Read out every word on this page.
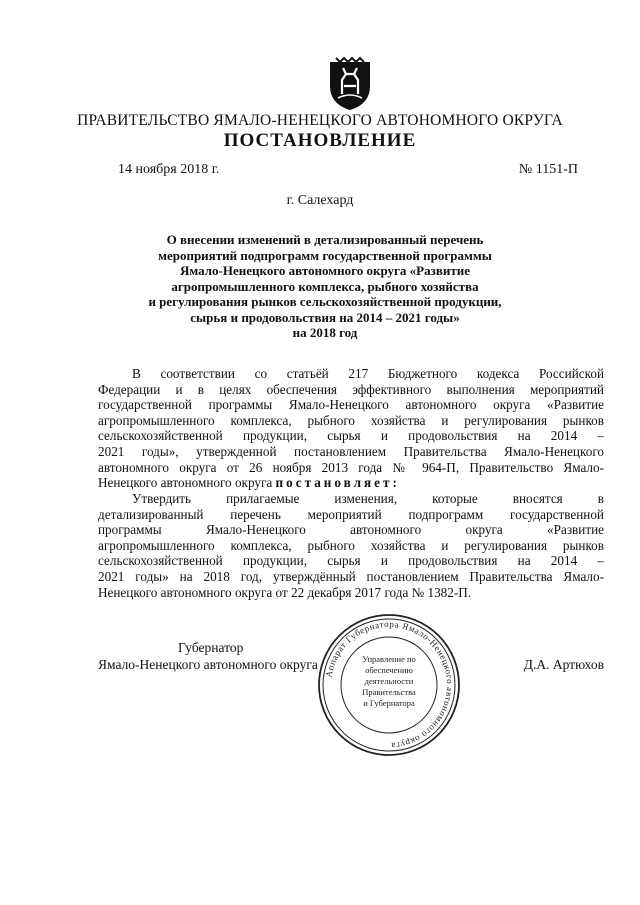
ПРАВИТЕЛЬСТВО ЯМАЛО-НЕНЕЦКОГО АВТОНОМНОГО ОКРУГА
ПОСТАНОВЛЕНИЕ
14 ноября 2018 г.	№ 1151-П
г. Салехард
О внесении изменений в детализированный перечень
мероприятий подпрограмм государственной программы
Ямало-Ненецкого автономного округа «Развитие
агропромышленного комплекса, рыбного хозяйства
и регулирования рынков сельскохозяйственной продукции,
сырья и продовольствия на 2014 – 2021 годы»
на 2018 год
В соответствии со статьёй 217 Бюджетного кодекса Российской
Федерации и в целях обеспечения эффективного выполнения мероприятий
государственной программы Ямало-Ненецкого автономного округа «Развитие
агропромышленного комплекса, рыбного хозяйства и регулирования рынков
сельскохозяйственной продукции, сырья и продовольствия на 2014 –
2021 годы», утвержденной постановлением Правительства Ямало-Ненецкого
автономного округа от 26 ноября 2013 года № 964-П, Правительство Ямало-
Ненецкого автономного округа постановляет:
Утвердить прилагаемые изменения, которые вносятся в
детализированный перечень мероприятий подпрограмм государственной
программы Ямало-Ненецкого автономного округа «Развитие
агропромышленного комплекса, рыбного хозяйства и регулирования рынков
сельскохозяйственной продукции, сырья и продовольствия на 2014 –
2021 годы» на 2018 год, утверждённый постановлением Правительства Ямало-
Ненецкого автономного округа от 22 декабря 2017 года № 1382-П.
Губернатор
Ямало-Ненецкого автономного округа	Д.А. Артюхов
Аппарат Губернатора Ямало-Ненецкого автономного округа
Управление по
обеспечению
деятельности
Правительства
и Губернатора
